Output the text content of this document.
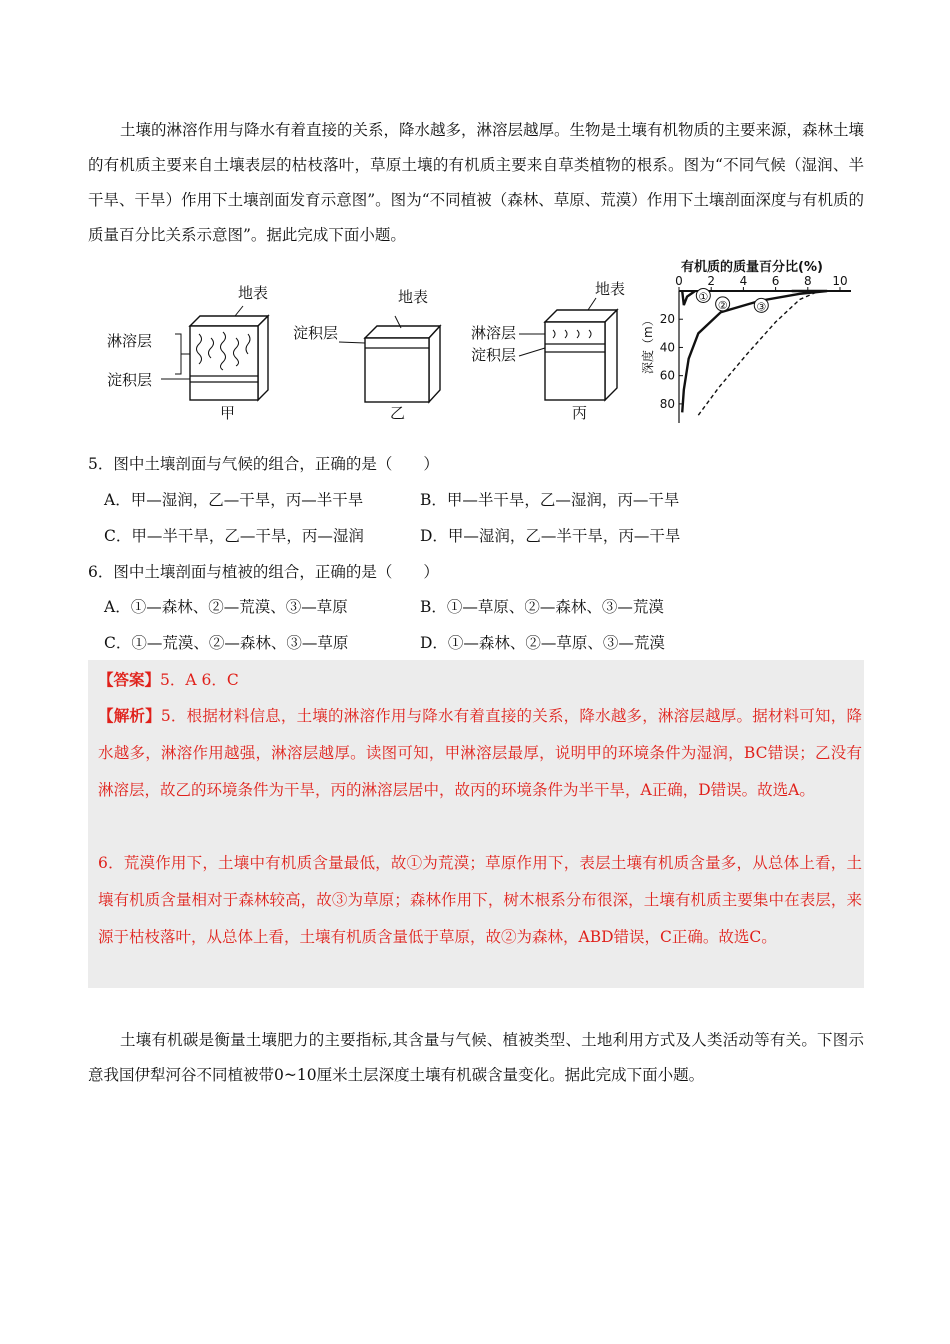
土壤的淋溶作用与降水有着直接的关系，降水越多，淋溶层越厚。生物是土壤有机物质的主要来源，森林土壤的有机质主要来自土壤表层的枯枝落叶，草原土壤的有机质主要来自草类植物的根系。图为“不同气候（湿润、半干旱、干旱）作用下土壤剖面发育示意图”。图为“不同植被（森林、草原、荒漠）作用下土壤剖面深度与有机质的质量百分比关系示意图”。据此完成下面小题。

地表
淋溶层
淀积层
甲
地表
淀积层
乙
地表
淋溶层
淀积层
丙
有机质的质量百分比(%)
深度（m）
0 2 4 6 8 10
20
40
60
80
①
②	③
5．图中土壤剖面与气候的组合，正确的是（　　）
A．甲—湿润，乙—干旱，丙—半干旱	B．甲—半干旱，乙—湿润，丙—干旱
C．甲—半干旱，乙—干旱，丙—湿润	D．甲—湿润，乙—半干旱，丙—干旱
6．图中土壤剖面与植被的组合，正确的是（　　）
A．①—森林、②—荒漠、③—草原	B．①—草原、②—森林、③—荒漠
C．①—荒漠、②—森林、③—草原	D．①—森林、②—草原、③—荒漠

【答案】5．A 6．C

【解析】5．根据材料信息，土壤的淋溶作用与降水有着直接的关系，降水越多，淋溶层越厚。据材料可知，降水越多，淋溶作用越强，淋溶层越厚。读图可知，甲淋溶层最厚，说明甲的环境条件为湿润，BC错误；乙没有淋溶层，故乙的环境条件为干旱，丙的淋溶层居中，故丙的环境条件为半干旱，A正确，D错误。故选A。

6．荒漠作用下，土壤中有机质含量最低，故①为荒漠；草原作用下，表层土壤有机质含量多，从总体上看，土壤有机质含量相对于森林较高，故③为草原；森林作用下，树木根系分布很深，土壤有机质主要集中在表层，来源于枯枝落叶，从总体上看，土壤有机质含量低于草原，故②为森林，ABD错误，C正确。故选C。

土壤有机碳是衡量土壤肥力的主要指标,其含量与气候、植被类型、土地利用方式及人类活动等有关。下图示意我国伊犁河谷不同植被带0~10厘米土层深度土壤有机碳含量变化。据此完成下面小题。
